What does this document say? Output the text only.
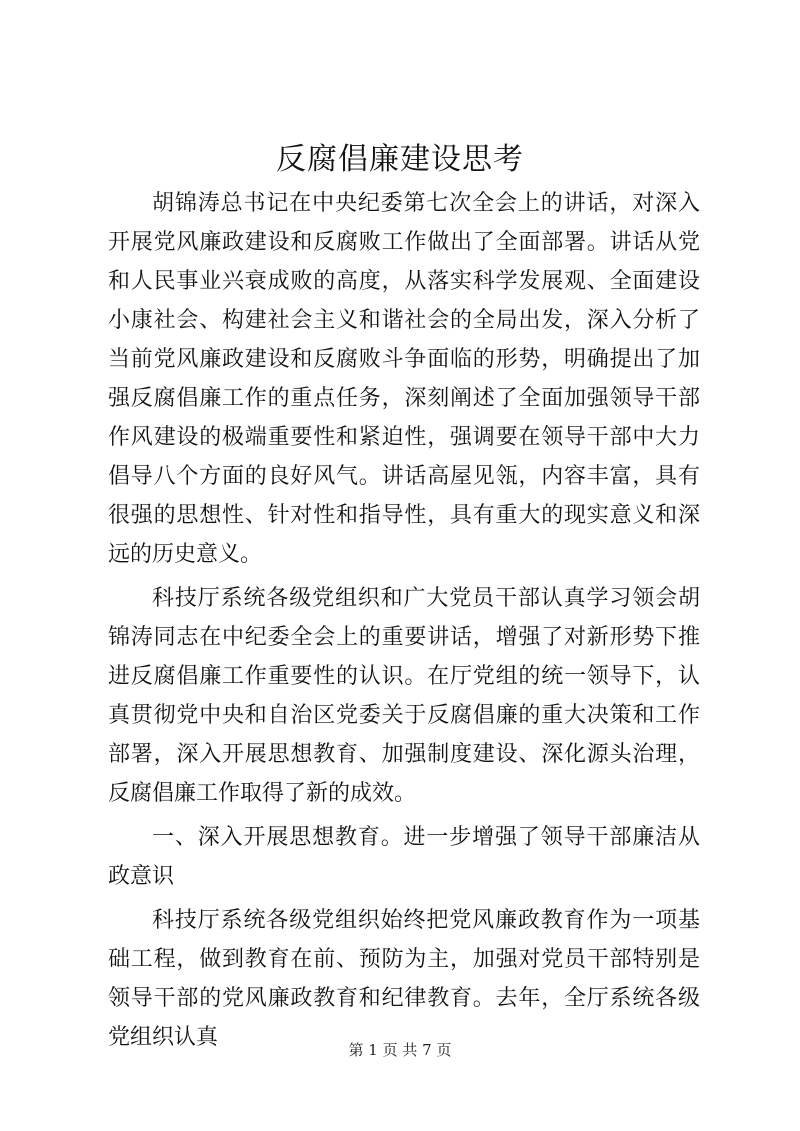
反腐倡廉建设思考

胡锦涛总书记在中央纪委第七次全会上的讲话，对深入开展党风廉政建设和反腐败工作做出了全面部署。讲话从党和人民事业兴衰成败的高度，从落实科学发展观、全面建设小康社会、构建社会主义和谐社会的全局出发，深入分析了当前党风廉政建设和反腐败斗争面临的形势，明确提出了加强反腐倡廉工作的重点任务，深刻阐述了全面加强领导干部作风建设的极端重要性和紧迫性，强调要在领导干部中大力倡导八个方面的良好风气。讲话高屋见瓴，内容丰富，具有很强的思想性、针对性和指导性，具有重大的现实意义和深远的历史意义。

科技厅系统各级党组织和广大党员干部认真学习领会胡锦涛同志在中纪委全会上的重要讲话，增强了对新形势下推进反腐倡廉工作重要性的认识。在厅党组的统一领导下，认真贯彻党中央和自治区党委关于反腐倡廉的重大决策和工作部署，深入开展思想教育、加强制度建设、深化源头治理，反腐倡廉工作取得了新的成效。

一、深入开展思想教育。进一步增强了领导干部廉洁从政意识

科技厅系统各级党组织始终把党风廉政教育作为一项基础工程，做到教育在前、预防为主，加强对党员干部特别是领导干部的党风廉政教育和纪律教育。去年，全厅系统各级党组织认真	第 1 页 共 7 页
